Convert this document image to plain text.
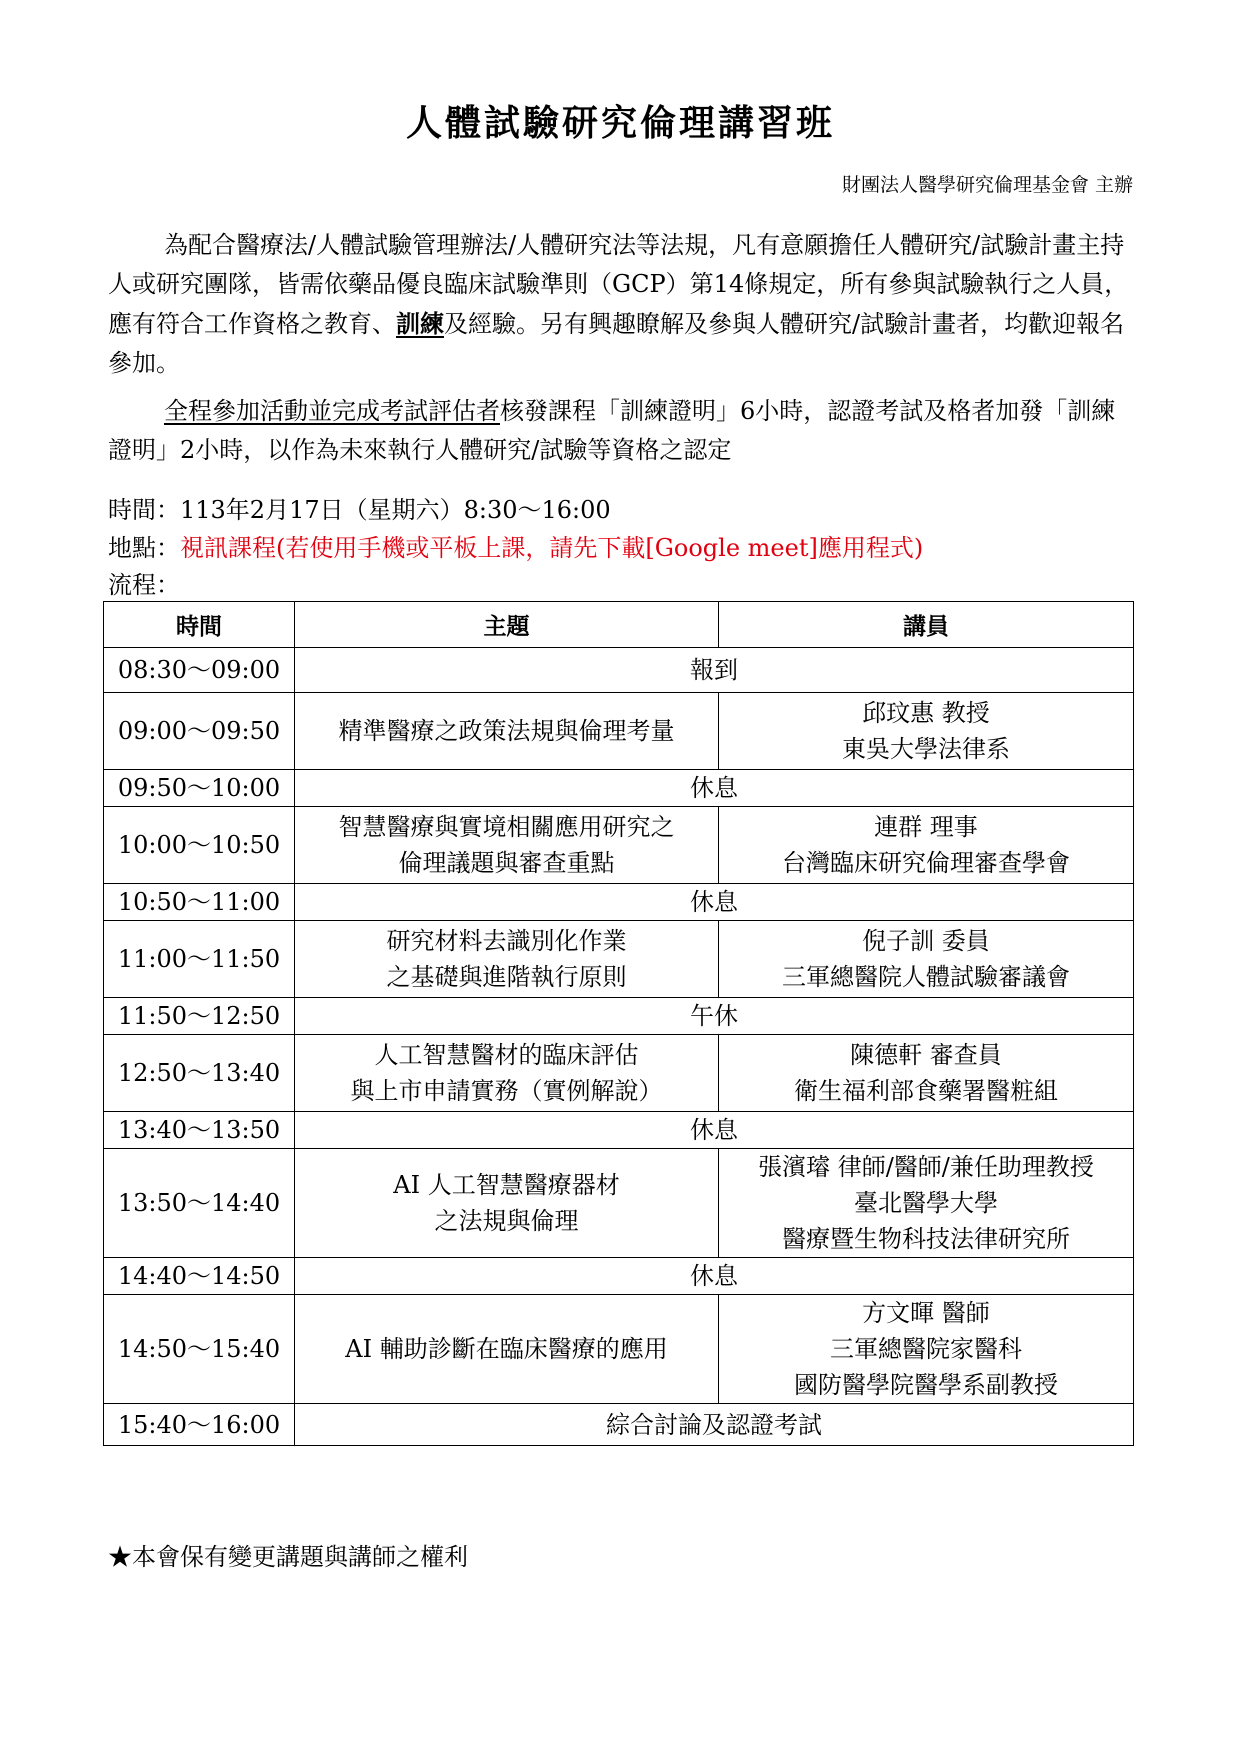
人體試驗研究倫理講習班
財團法人醫學研究倫理基金會 主辦
為配合醫療法/人體試驗管理辦法/人體研究法等法規，凡有意願擔任人體研究/試驗計畫主持人或研究團隊，皆需依藥品優良臨床試驗準則（GCP）第14條規定，所有參與試驗執行之人員，應有符合工作資格之教育、訓練及經驗。另有興趣瞭解及參與人體研究/試驗計畫者，均歡迎報名參加。
全程參加活動並完成考試評估者核發課程「訓練證明」6小時，認證考試及格者加發「訓練證明」2小時，以作為未來執行人體研究/試驗等資格之認定
時間：113年2月17日（星期六）8:30～16:00
地點：視訊課程(若使用手機或平板上課，請先下載[Google meet]應用程式)
流程：
時間	主題	講員
08:30～09:00	報到	
09:00～09:50	精準醫療之政策法規與倫理考量	邱玟惠 教授
東吳大學法律系

09:50～10:00	休息	
10:00～10:50	智慧醫療與實境相關應用研究之
倫理議題與審查重點	連群 理事
台灣臨床研究倫理審查學會

10:50～11:00	休息	
11:00～11:50	研究材料去識別化作業
之基礎與進階執行原則	倪子訓 委員
三軍總醫院人體試驗審議會

11:50～12:50	午休	
12:50～13:40	人工智慧醫材的臨床評估
與上市申請實務（實例解說）	陳德軒 審查員
衛生福利部食藥署醫粧組

13:40～13:50	休息	
13:50～14:40	AI 人工智慧醫療器材
之法規與倫理	張濱璿 律師/醫師/兼任助理教授
臺北醫學大學
醫療暨生物科技法律研究所

14:40～14:50	休息	
14:50～15:40	AI 輔助診斷在臨床醫療的應用	方文暉 醫師
三軍總醫院家醫科
國防醫學院醫學系副教授

15:40～16:00	綜合討論及認證考試	
★本會保有變更講題與講師之權利
